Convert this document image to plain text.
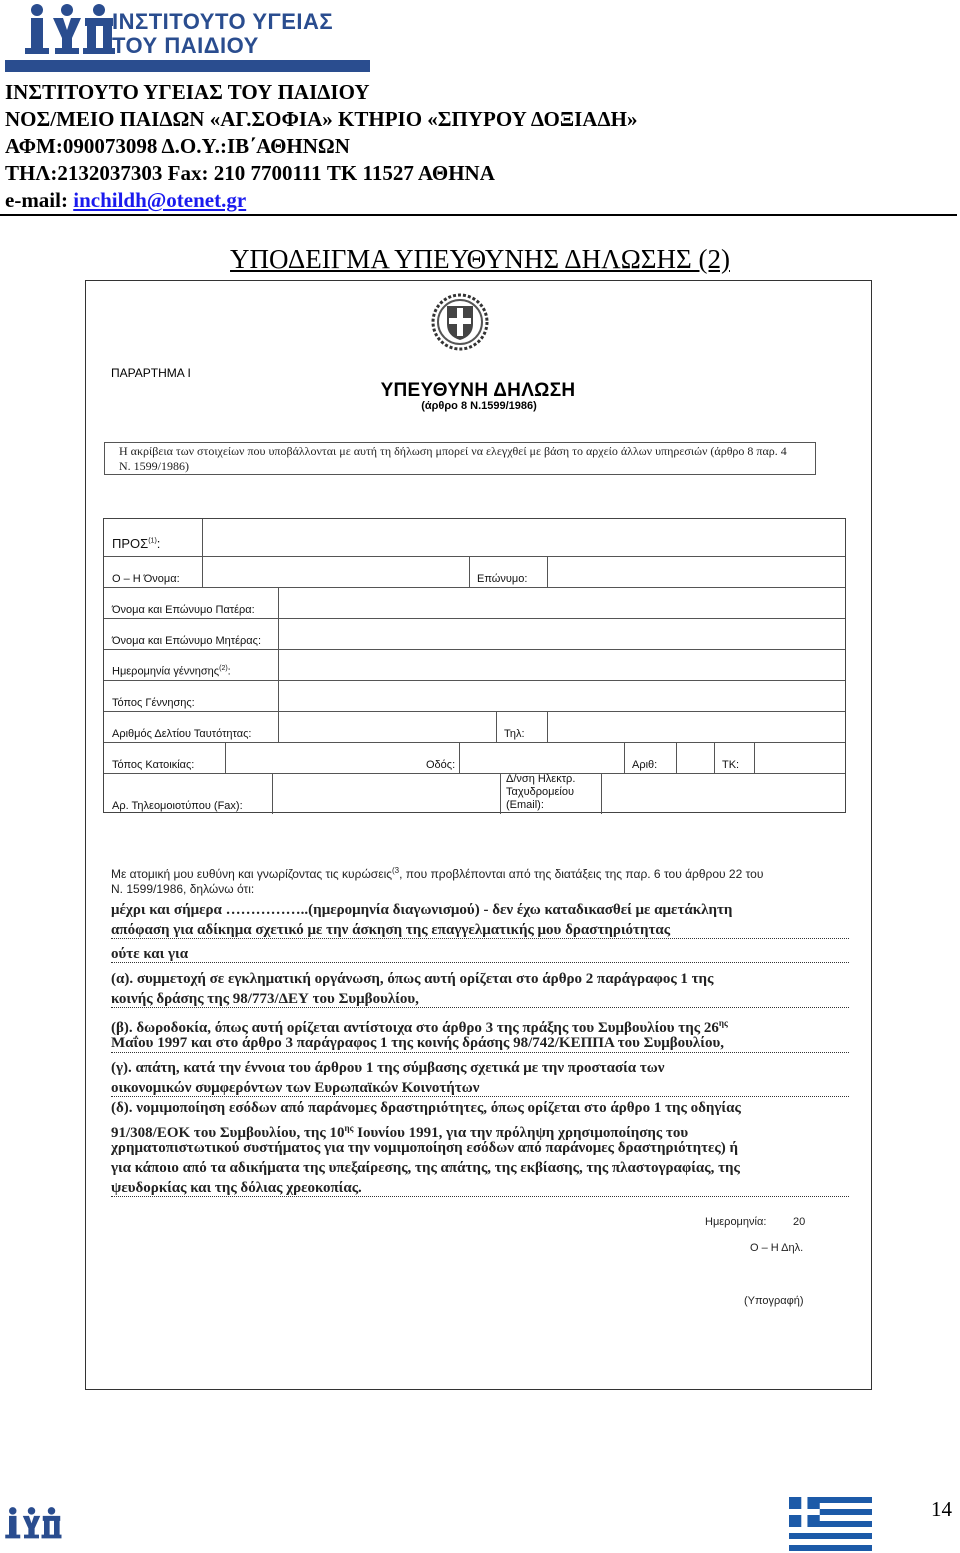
ΙΝΣΤΙΤΟΥΤΟ ΥΓΕΙΑΣ
ΤΟΥ ΠΑΙΔΙΟΥ
ΙΝΣΤΙΤΟΥΤΟ ΥΓΕΙΑΣ ΤΟΥ ΠΑΙΔΙΟΥ
ΝΟΣ/ΜΕΙΟ ΠΑΙΔΩΝ «ΑΓ.ΣΟΦΙΑ» ΚΤΗΡΙΟ «ΣΠΥΡΟΥ ΔΟΞΙΑΔΗ»
ΑΦΜ:090073098 Δ.Ο.Υ.:ΙΒ΄ΑΘΗΝΩΝ
ΤΗΛ:2132037303 Fax: 210 7700111 ΤΚ 11527 ΑΘΗΝΑ
e-mail: inchildh@otenet.gr
ΥΠΟΔΕΙΓΜΑ ΥΠΕΥΘΥΝΗΣ ΔΗΛΩΣΗΣ (2)
ΠΑΡΑΡΤΗΜΑ Ι
ΥΠΕΥΘΥΝΗ ΔΗΛΩΣΗ
(άρθρο 8 Ν.1599/1986)
Η ακρίβεια των στοιχείων που υποβάλλονται με αυτή τη δήλωση μπορεί να ελεγχθεί με βάση το αρχείο άλλων υπηρεσιών (άρθρο 8 παρ. 4 Ν. 1599/1986)
ΠΡΟΣ$^{(1)}$:
Ο – Η Όνομα:	Επώνυμο:
Όνομα και Επώνυμο Πατέρα:
Όνομα και Επώνυμο Μητέρας:
Ημερομηνία γέννησης$^{(2)}$:
Τόπος Γέννησης:
Αριθμός Δελτίου Ταυτότητας:	Τηλ:
Τόπος Κατοικίας:	Οδός:	Αριθ:	ΤΚ:
Αρ. Τηλεομοιοτύπου (Fax):
Δ/νση Ηλεκτρ.
Ταχυδρομείου
(Email):
Με ατομική μου ευθύνη και γνωρίζοντας τις κυρώσεις$^{(3}$, που προβλέπονται από της διατάξεις της παρ. 6 του άρθρου 22 του
Ν. 1599/1986, δηλώνω ότι:
μέχρι και σήμερα ……………..(ημερομηνία διαγωνισμού) - δεν έχω καταδικασθεί με αμετάκλητη
απόφαση για αδίκημα σχετικό με την άσκηση της επαγγελματικής μου δραστηριότητας
ούτε και για
(α). συμμετοχή σε εγκληματική οργάνωση, όπως αυτή ορίζεται στο άρθρο 2 παράγραφος 1 της
κοινής δράσης της 98/773/ΔΕΥ του Συμβουλίου,
(β). δωροδοκία, όπως αυτή ορίζεται αντίστοιχα στο άρθρο 3 της πράξης του Συμβουλίου της $26^{\eta\varsigma}$
Μαΐου 1997 και στο άρθρο 3 παράγραφος 1 της κοινής δράσης 98/742/ΚΕΠΠΑ του Συμβουλίου,
(γ). απάτη, κατά την έννοια του άρθρου 1 της σύμβασης σχετικά με την προστασία των
οικονομικών συμφερόντων των Ευρωπαϊκών Κοινοτήτων
(δ). νομιμοποίηση εσόδων από παράνομες δραστηριότητες, όπως ορίζεται στο άρθρο 1 της οδηγίας
91/308/ΕΟΚ του Συμβουλίου, της $10^{\eta\varsigma}$ Ιουνίου 1991, για την πρόληψη χρησιμοποίησης του
χρηματοπιστωτικού συστήματος για την νομιμοποίηση εσόδων από παράνομες δραστηριότητες) ή
για κάποιο από τα αδικήματα της υπεξαίρεσης, της απάτης, της εκβίασης, της πλαστογραφίας, της
ψευδορκίας και της δόλιας χρεοκοπίας.
Ημερομηνία: 20
Ο – Η Δηλ.
(Υπογραφή)
14
